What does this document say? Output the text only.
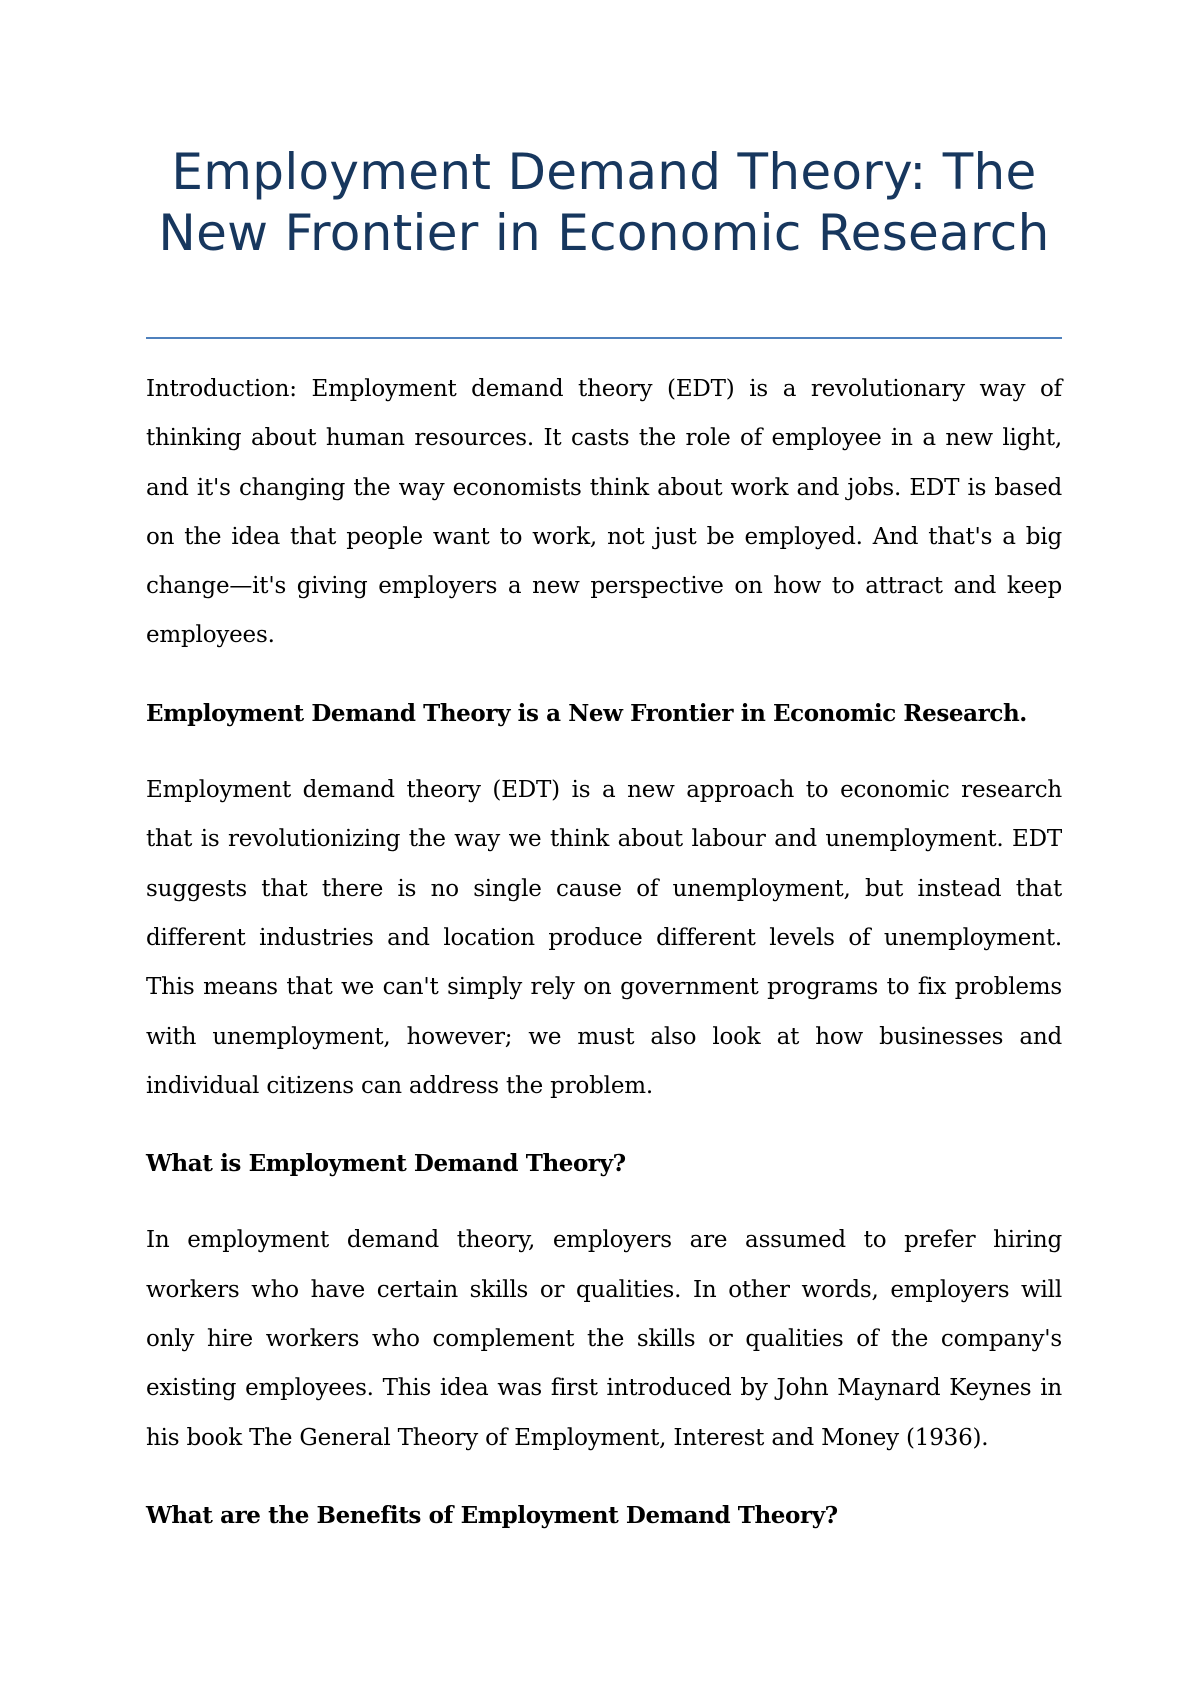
Employment Demand Theory: The New Frontier in Economic Research

Introduction: Employment demand theory (EDT) is a revolutionary way of thinking about human resources. It casts the role of employee in a new light, and it's changing the way economists think about work and jobs. EDT is based on the idea that people want to work, not just be employed. And that's a big change—it's giving employers a new perspective on how to attract and keep employees.

Employment Demand Theory is a New Frontier in Economic Research.

Employment demand theory (EDT) is a new approach to economic research that is revolutionizing the way we think about labour and unemployment. EDT suggests that there is no single cause of unemployment, but instead that different industries and location produce different levels of unemployment. This means that we can't simply rely on government programs to fix problems with unemployment, however; we must also look at how businesses and individual citizens can address the problem.

What is Employment Demand Theory?

In employment demand theory, employers are assumed to prefer hiring workers who have certain skills or qualities. In other words, employers will only hire workers who complement the skills or qualities of the company's existing employees. This idea was first introduced by John Maynard Keynes in his book The General Theory of Employment, Interest and Money (1936).

What are the Benefits of Employment Demand Theory?
